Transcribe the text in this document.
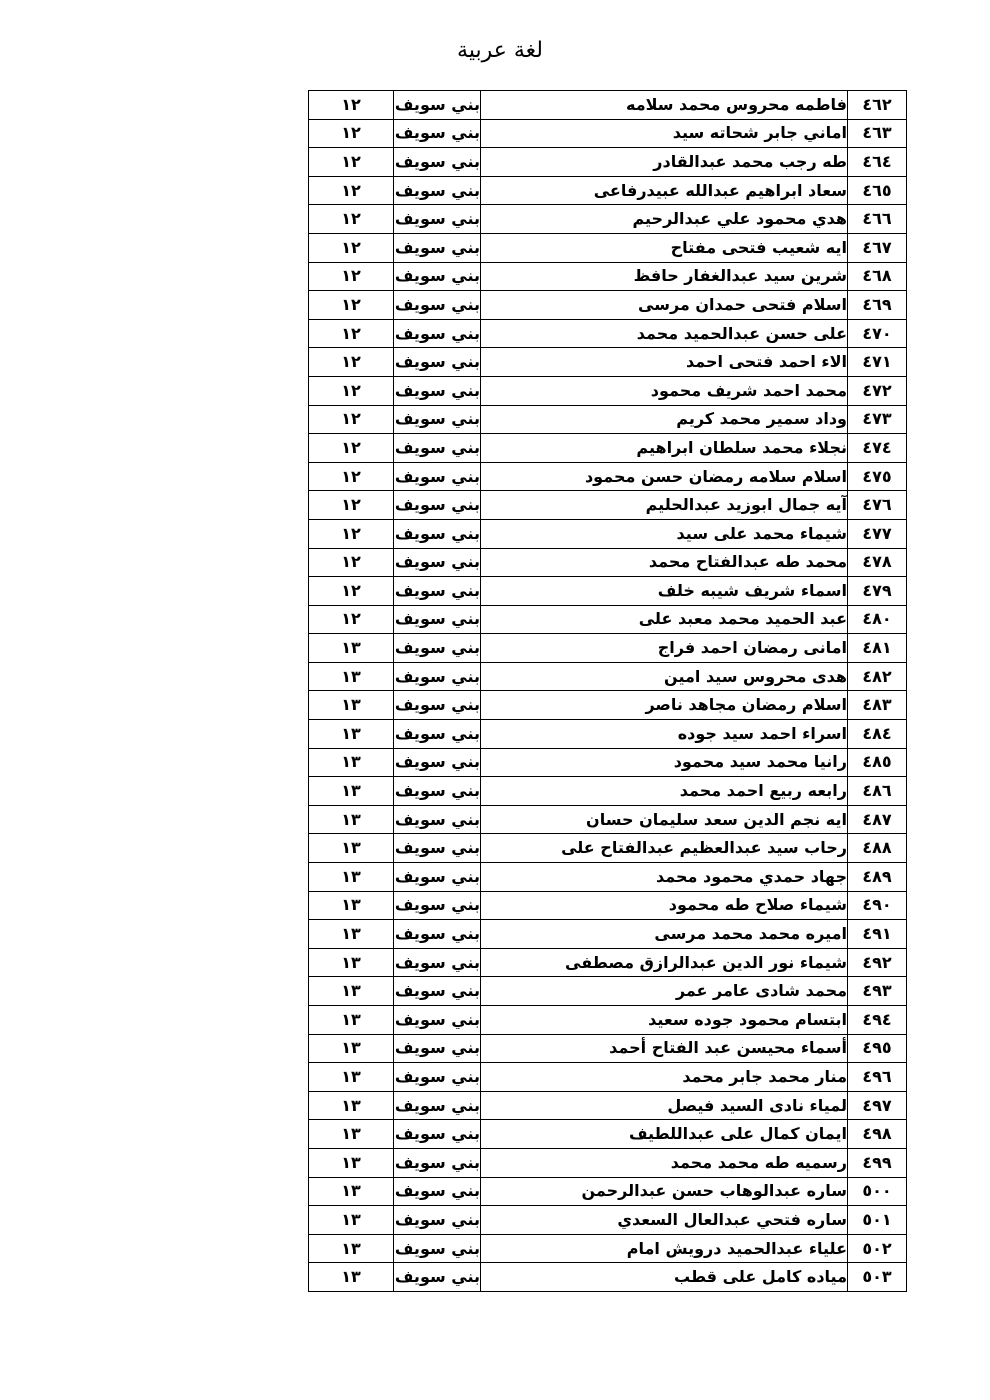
لغة عربية
٤٦٢	فاطمه محروس محمد سلامه	بني سويف	١٢
٤٦٣	اماني جابر شحاته سيد	بني سويف	١٢
٤٦٤	طه رجب محمد عبدالقادر	بني سويف	١٢
٤٦٥	سعاد ابراهيم عبدالله عبيدرفاعى	بني سويف	١٢
٤٦٦	هدي محمود علي عبدالرحيم	بني سويف	١٢
٤٦٧	ايه شعيب فتحى مفتاح	بني سويف	١٢
٤٦٨	شرين سيد عبدالغفار حافظ	بني سويف	١٢
٤٦٩	اسلام فتحى حمدان مرسى	بني سويف	١٢
٤٧٠	على حسن عبدالحميد محمد	بني سويف	١٢
٤٧١	الاء احمد فتحى احمد	بني سويف	١٢
٤٧٢	محمد احمد شريف محمود	بني سويف	١٢
٤٧٣	وداد سمير محمد كريم	بني سويف	١٢
٤٧٤	نجلاء محمد سلطان ابراهيم	بني سويف	١٢
٤٧٥	اسلام سلامه رمضان حسن محمود	بني سويف	١٢
٤٧٦	آيه جمال ابوزيد عبدالحليم	بني سويف	١٢
٤٧٧	شيماء محمد على سيد	بني سويف	١٢
٤٧٨	محمد طه عبدالفتاح محمد	بني سويف	١٢
٤٧٩	اسماء شريف شيبه خلف	بني سويف	١٢
٤٨٠	عبد الحميد محمد معبد على	بني سويف	١٢
٤٨١	امانى رمضان احمد فراج	بني سويف	١٣
٤٨٢	هدى محروس سيد امين	بني سويف	١٣
٤٨٣	اسلام رمضان مجاهد ناصر	بني سويف	١٣
٤٨٤	اسراء احمد سيد جوده	بني سويف	١٣
٤٨٥	رانيا محمد سيد محمود	بني سويف	١٣
٤٨٦	رابعه ربيع احمد محمد	بني سويف	١٣
٤٨٧	ايه نجم الدين سعد سليمان حسان	بني سويف	١٣
٤٨٨	رحاب سيد عبدالعظيم عبدالفتاح على	بني سويف	١٣
٤٨٩	جهاد حمدي محمود محمد	بني سويف	١٣
٤٩٠	شيماء صلاح طه محمود	بني سويف	١٣
٤٩١	اميره محمد محمد مرسى	بني سويف	١٣
٤٩٢	شيماء نور الدين عبدالرازق مصطفى	بني سويف	١٣
٤٩٣	محمد شادى عامر عمر	بني سويف	١٣
٤٩٤	ابتسام محمود جوده سعيد	بني سويف	١٣
٤٩٥	أسماء محيسن عبد الفتاح أحمد	بني سويف	١٣
٤٩٦	منار محمد جابر محمد	بني سويف	١٣
٤٩٧	لمياء نادى السيد فيصل	بني سويف	١٣
٤٩٨	ايمان كمال على عبداللطيف	بني سويف	١٣
٤٩٩	رسميه طه محمد محمد	بني سويف	١٣
٥٠٠	ساره عبدالوهاب حسن عبدالرحمن	بني سويف	١٣
٥٠١	ساره فتحي عبدالعال السعدي	بني سويف	١٣
٥٠٢	علياء عبدالحميد درويش امام	بني سويف	١٣
٥٠٣	مياده كامل على قطب	بني سويف	١٣
